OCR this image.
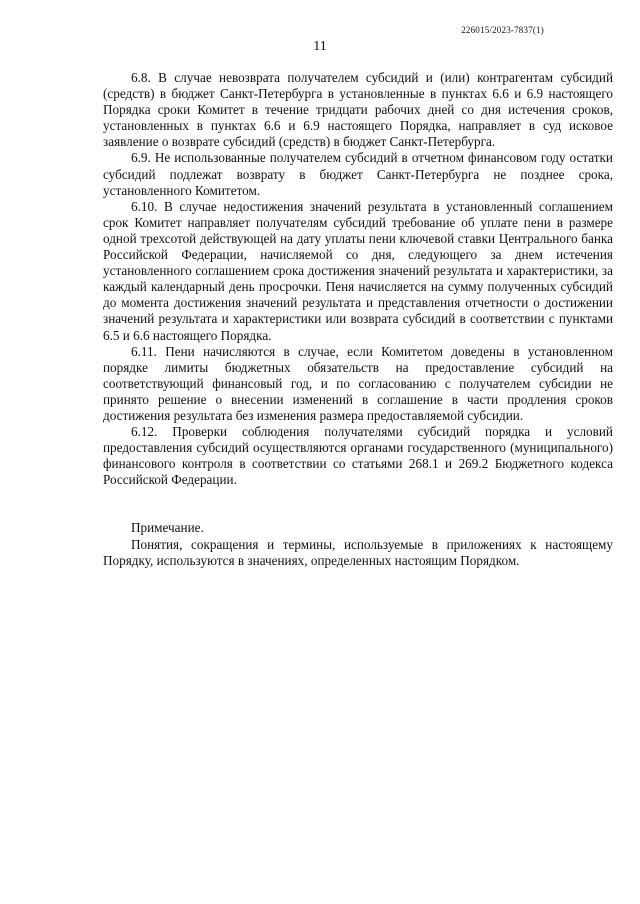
226015/2023-7837(1)
11

6.8. В случае невозврата получателем субсидий и (или) контрагентам субсидий (средств) в бюджет Санкт-Петербурга в установленные в пунктах 6.6 и 6.9 настоящего Порядка сроки Комитет в течение тридцати рабочих дней со дня истечения сроков, установленных в пунктах 6.6 и 6.9 настоящего Порядка, направляет в суд исковое заявление о возврате субсидий (средств) в бюджет Санкт-Петербурга.

6.9. Не использованные получателем субсидий в отчетном финансовом году остатки субсидий подлежат возврату в бюджет Санкт-Петербурга не позднее срока, установленного Комитетом.

6.10. В случае недостижения значений результата в установленный соглашением срок Комитет направляет получателям субсидий требование об уплате пени в размере одной трехсотой действующей на дату уплаты пени ключевой ставки Центрального банка Российской Федерации, начисляемой со дня, следующего за днем истечения установленного соглашением срока достижения значений результата и характеристики, за каждый календарный день просрочки. Пеня начисляется на сумму полученных субсидий до момента достижения значений результата и представления отчетности о достижении значений результата и характеристики или возврата субсидий в соответствии с пунктами 6.5 и 6.6 настоящего Порядка.

6.11. Пени начисляются в случае, если Комитетом доведены в установленном порядке лимиты бюджетных обязательств на предоставление субсидий на соответствующий финансовый год, и по согласованию с получателем субсидии не принято решение о внесении изменений в соглашение в части продления сроков достижения результата без изменения размера предоставляемой субсидии.

6.12. Проверки соблюдения получателями субсидий порядка и условий предоставления субсидий осуществляются органами государственного (муниципального) финансового контроля в соответствии со статьями 268.1 и 269.2 Бюджетного кодекса Российской Федерации.

Примечание.

Понятия, сокращения и термины, используемые в приложениях к настоящему Порядку, используются в значениях, определенных настоящим Порядком.
